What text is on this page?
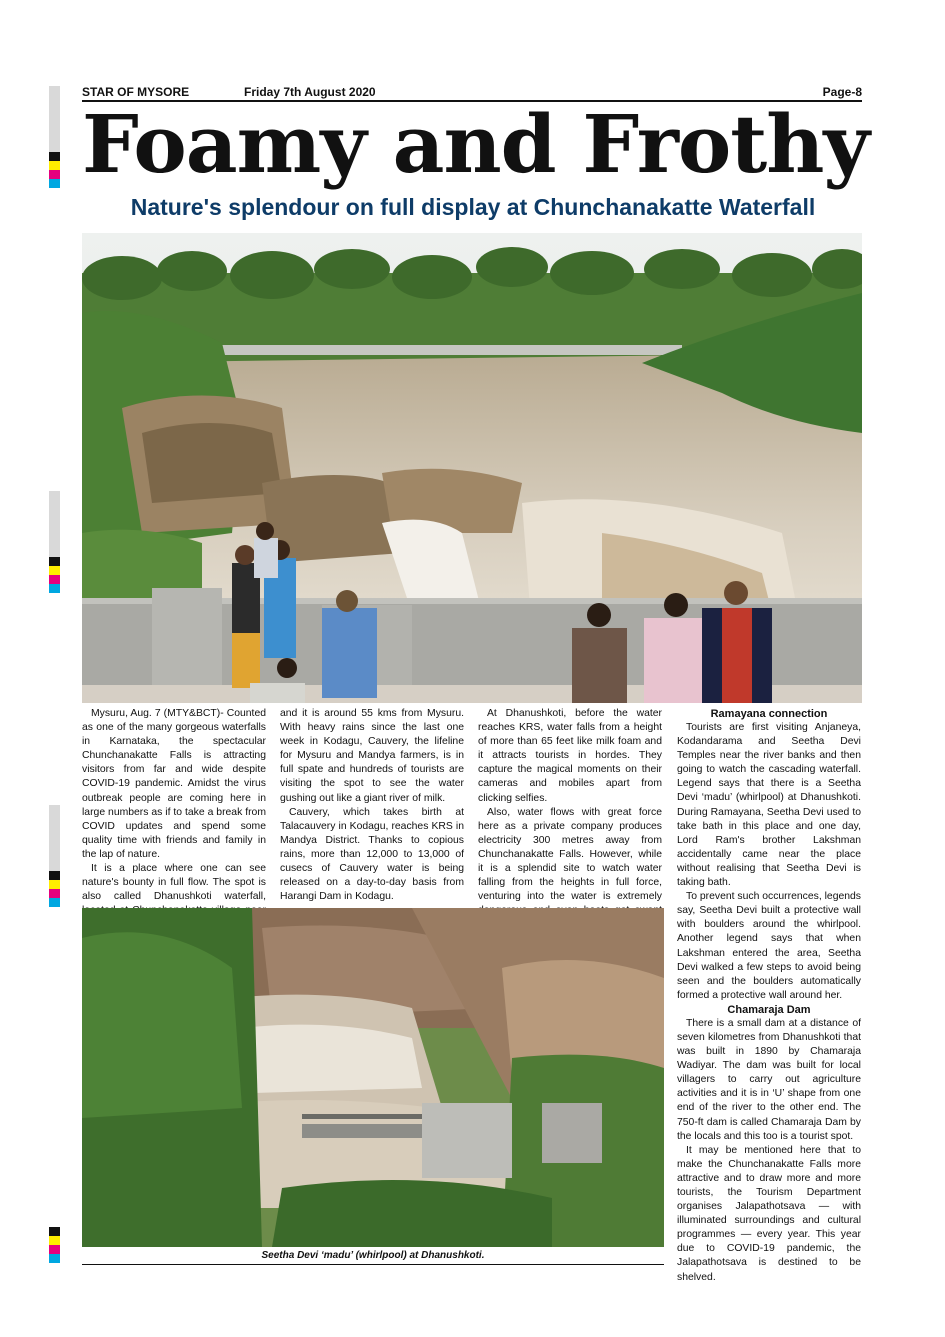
STAR OF MYSORE	Friday 7th August 2020	Page-8
Foamy and Frothy
Nature's splendour on full display at Chunchanakatte Waterfall

Mysuru, Aug. 7 (MTY&BCT)- Counted as one of the many gorgeous waterfalls in Karnataka, the spectacular Chunchanakatte Falls is attracting visitors from far and wide despite COVID-19 pandemic. Amidst the virus outbreak people are coming here in large numbers as if to take a break from COVID updates and spend some quality time with friends and family in the lap of nature.

It is a place where one can see nature's bounty in full flow. The spot is also called Dhanushkoti waterfall,

and it is around 55 kms from Mysuru. With heavy rains since the last one week in Kodagu, Cauvery, the lifeline for Mysuru and Mandya farmers, is in full spate and hundreds of tourists are visiting the spot to see the water gushing out like a giant river of milk.

Cauvery, which takes birth at Talacauvery in Kodagu, reaches KRS in Mandya District. Thanks to copious rains, more than 12,000 to 13,000 of cusecs of Cauvery water is being released on a day-to-day basis from Harangi Dam in Kodagu.

At Dhanushkoti, before the water reaches KRS, water falls from a height of more than 65 feet like milk foam and it attracts tourists in hordes. They capture the magical moments on their cameras and mobiles apart from clicking selfies.

Also, water flows with great force here as a private company produces electricity 300 metres away from Chunchanakatte Falls. However, while it is a splendid site to watch water falling from the heights in full force, venturing into the water is extremely

Ramayana connection

Tourists are first visiting Anjaneya, Kodandarama and Seetha Devi Temples near the river banks and then going to watch the cascading waterfall. Legend says that there is a Seetha Devi ‘madu’ (whirlpool) at Dhanushkoti. During Ramayana, Seetha Devi used to take bath in this place and one day, Lord Ram's brother Lakshman accidentally came near the place without realising that Seetha Devi is taking bath.

To prevent such occurrences, legends say, Seetha Devi built a protective wall with boulders around the whirlpool. Another legend says that when Lakshman entered the area, Seetha Devi walked a few steps to avoid being seen and the boulders automatically formed a protective wall around her.

Chamaraja Dam

There is a small dam at a distance of seven kilometres from Dhanushkoti that was built in 1890 by Chamaraja Wadiyar. The dam was built for local villagers to carry out agriculture activities and it is in ‘U’ shape from one end of the river to the other end. The 750-ft dam is called Chamaraja Dam by the locals and this too is a tourist spot.

It may be mentioned here that to make the Chunchanakatte Falls more attractive and to draw more and more tourists, the Tourism Department organises Jalapathotsava — with illuminated surroundings and cultural programmes — every year. This year due to COVID-19 pandemic, the Jalapathotsava is destined to be shelved.

Seetha Devi ‘madu’ (whirlpool) at Dhanushkoti.
